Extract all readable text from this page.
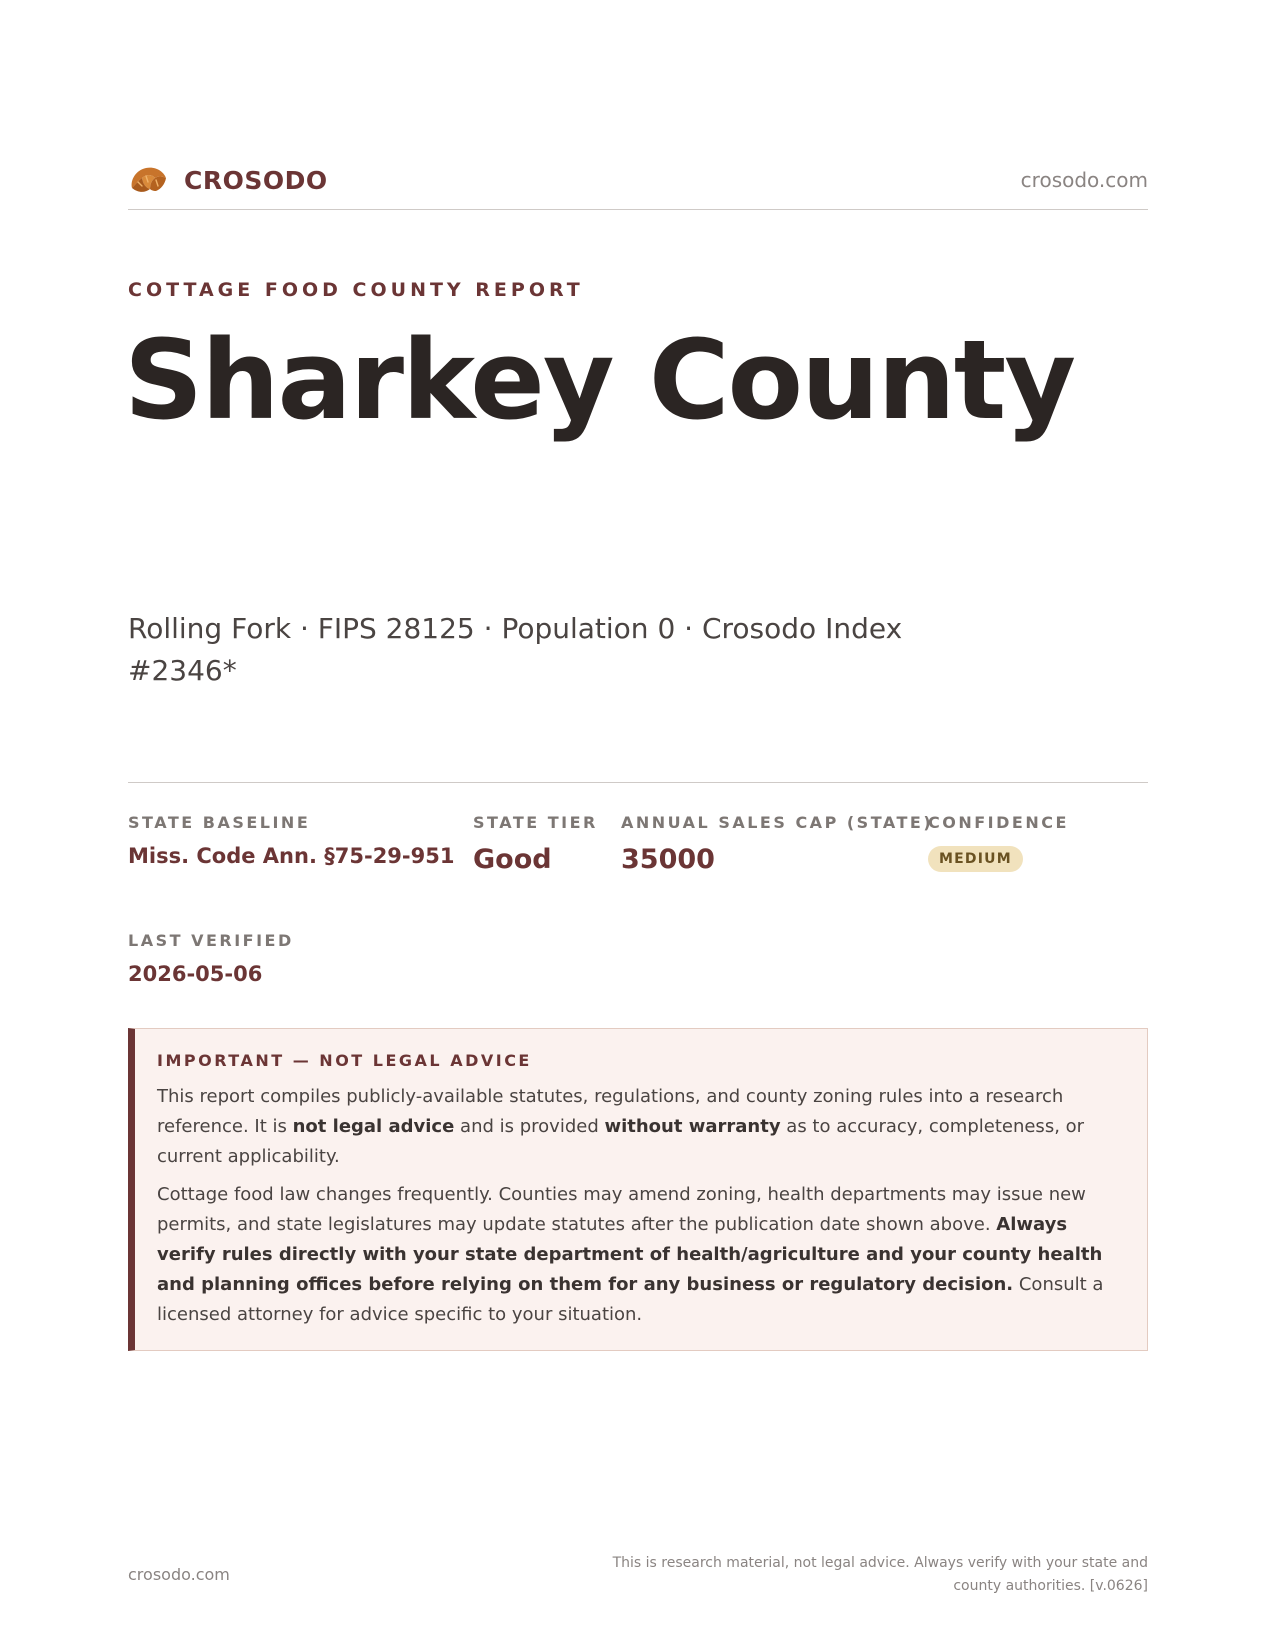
CROSODO	crosodo.com
COTTAGE FOOD COUNTY REPORT
Sharkey County
Rolling Fork · FIPS 28125 · Population 0 · Crosodo Index #2346*
STATE BASELINE
Miss. Code Ann. §75-29-951
STATE TIER
Good
ANNUAL SALES CAP (STATE)
35000
CONFIDENCE
MEDIUM
LAST VERIFIED
2026-05-06
IMPORTANT — NOT LEGAL ADVICE

This report compiles publicly-available statutes, regulations, and county zoning rules into a research reference. It is not legal advice and is provided without warranty as to accuracy, completeness, or current applicability.

Cottage food law changes frequently. Counties may amend zoning, health departments may issue new permits, and state legislatures may update statutes after the publication date shown above. Always verify rules directly with your state department of health/agriculture and your county health and planning offices before relying on them for any business or regulatory decision. Consult a licensed attorney for advice specific to your situation.

crosodo.com
This is research material, not legal advice. Always verify with your state and county authorities. [v.0626]
